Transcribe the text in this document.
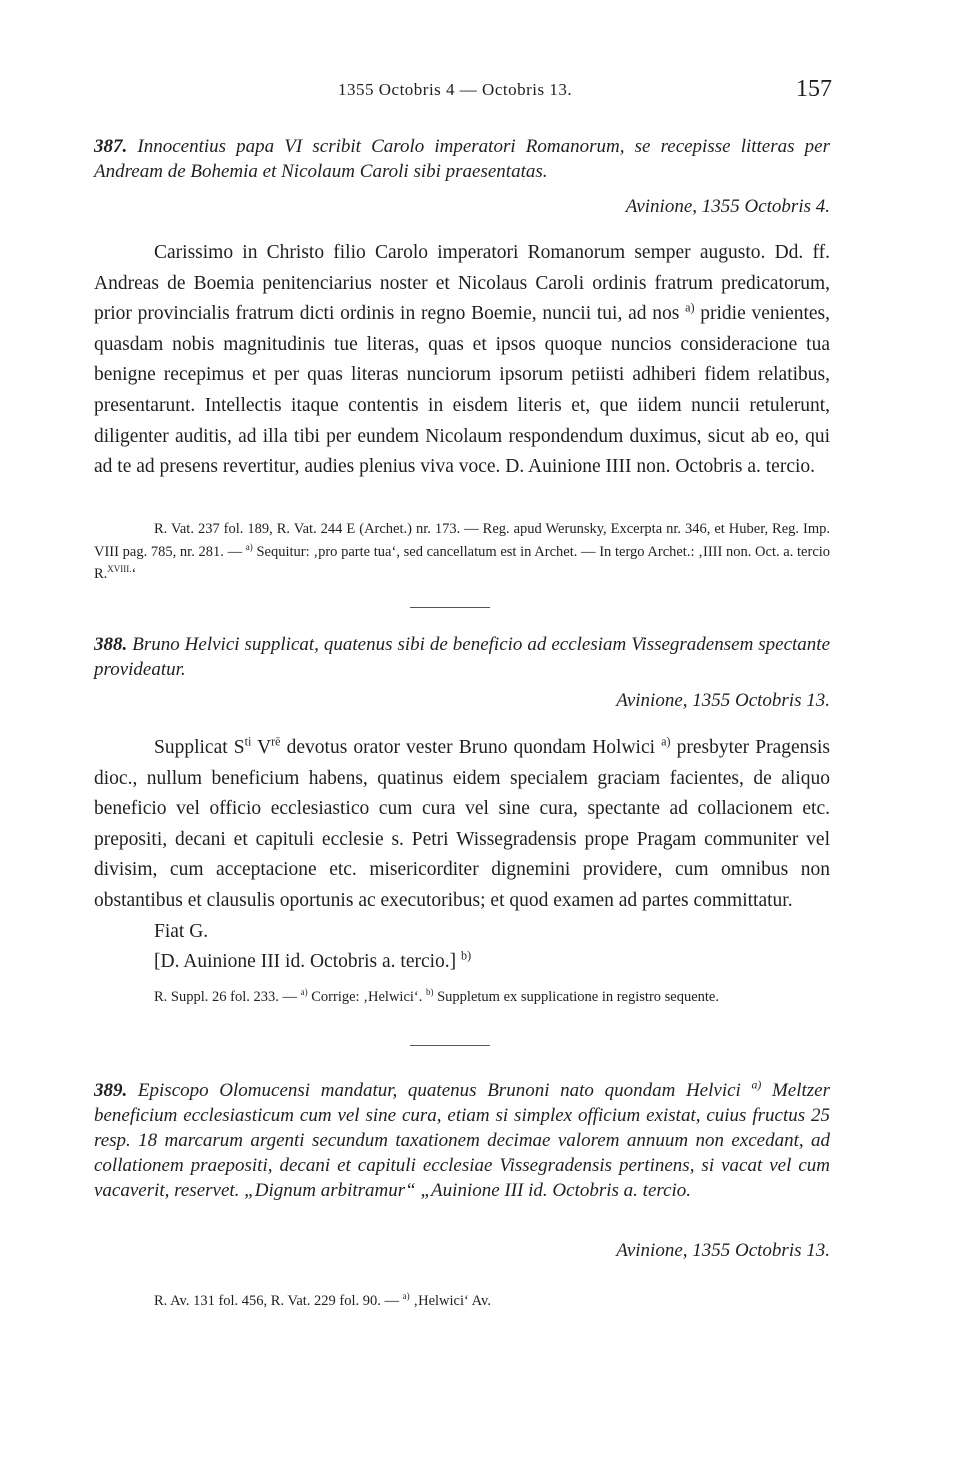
1355 Octobris 4 — Octobris 13.	157
387. Innocentius papa VI scribit Carolo imperatori Romanorum, se recepisse litteras per Andream de Bohemia et Nicolaum Caroli sibi praesentatas.
Avinione, 1355 Octobris 4.
Carissimo in Christo filio Carolo imperatori Romanorum semper augusto. Dd. ff. Andreas de Boemia penitenciarius noster et Nicolaus Caroli ordinis fratrum predicatorum, prior provincialis fratrum dicti ordinis in regno Boemie, nuncii tui, ad nos $^{a)}$ pridie venientes, quasdam nobis magnitudinis tue literas, quas et ipsos quoque nuncios consideracione tua benigne recepimus et per quas literas nunciorum ipsorum petiisti adhiberi fidem relatibus, presentarunt. Intellectis itaque contentis in eisdem literis et, que iidem nuncii retulerunt, diligenter auditis, ad illa tibi per eundem Nicolaum respondendum duximus, sicut ab eo, qui ad te ad presens revertitur, audies plenius viva voce. D. Auinione IIII non. Octobris a. tercio.
R. Vat. 237 fol. 189, R. Vat. 244 E (Archet.) nr. 173. — Reg. apud Werunsky, Excerpta nr. 346, et Huber, Reg. Imp. VIII pag. 785, nr. 281. — $^{a)}$ Sequitur: ‚pro parte tua‘, sed cancellatum est in Archet. — In tergo Archet.: ‚IIII non. Oct. a. tercio R.$^{XVIII.}$‘
388. Bruno Helvici supplicat, quatenus sibi de beneficio ad ecclesiam Vissegradensem spectante provideatur.
Avinione, 1355 Octobris 13.
Supplicat $S^{ti}$ $V^{rē}$ devotus orator vester Bruno quondam Holwici $^{a)}$ presbyter Pragensis dioc., nullum beneficium habens, quatinus eidem specialem graciam facientes, de aliquo beneficio vel officio ecclesiastico cum cura vel sine cura, spectante ad collacionem etc. prepositi, decani et capituli ecclesie s. Petri Wissegradensis prope Pragam communiter vel divisim, cum acceptacione etc. misericorditer dignemini providere, cum omnibus non obstantibus et clausulis oportunis ac executoribus; et quod examen ad partes committatur.
Fiat G.
[D. Auinione III id. Octobris a. tercio.] $^{b)}$
R. Suppl. 26 fol. 233. — $^{a)}$ Corrige: ‚Helwici‘. $^{b)}$ Suppletum ex supplicatione in registro sequente.
389. Episcopo Olomucensi mandatur, quatenus Brunoni nato quondam Helvici $^{a)}$ Meltzer beneficium ecclesiasticum cum vel sine cura, etiam si simplex officium existat, cuius fructus 25 resp. 18 marcarum argenti secundum taxationem decimae valorem annuum non excedant, ad collationem praepositi, decani et capituli ecclesiae Vissegradensis pertinens, si vacat vel cum vacaverit, reservet. „Dignum arbitramur“ „Auinione III id. Octobris a. tercio.
Avinione, 1355 Octobris 13.
R. Av. 131 fol. 456, R. Vat. 229 fol. 90. — $^{a)}$ ‚Helwici‘ Av.
